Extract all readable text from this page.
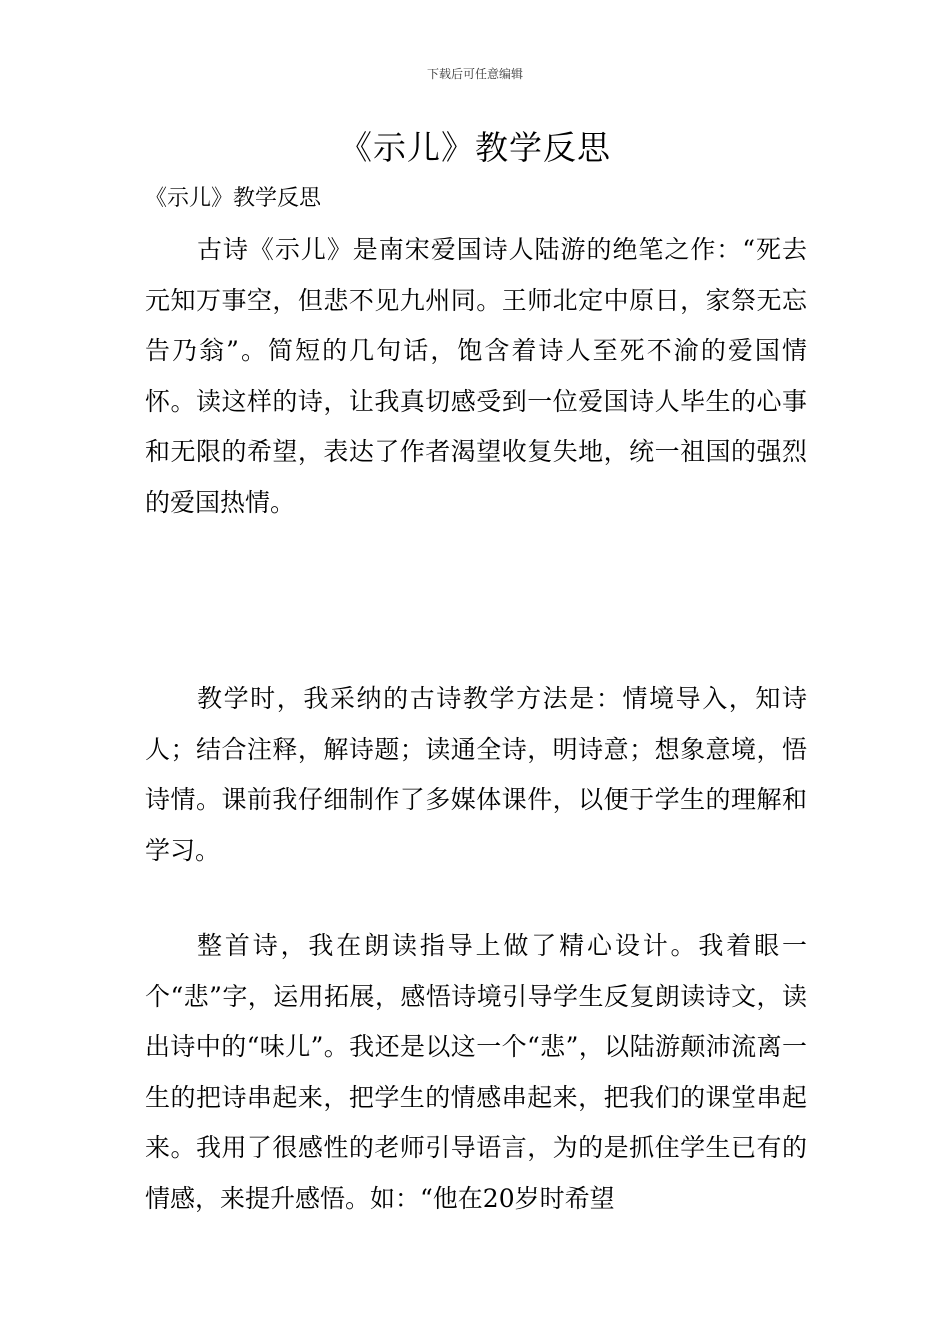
下载后可任意编辑
《示儿》教学反思
《示儿》教学反思

古诗《示儿》是南宋爱国诗人陆游的绝笔之作：“死去元知万事空，但悲不见九州同。王师北定中原日，家祭无忘告乃翁”。简短的几句话，饱含着诗人至死不渝的爱国情怀。读这样的诗，让我真切感受到一位爱国诗人毕生的心事和无限的希望，表达了作者渴望收复失地，统一祖国的强烈的爱国热情。

教学时，我采纳的古诗教学方法是：情境导入，知诗人；结合注释，解诗题；读通全诗，明诗意；想象意境，悟诗情。课前我仔细制作了多媒体课件，以便于学生的理解和学习。

整首诗，我在朗读指导上做了精心设计。我着眼一个“悲”字，运用拓展，感悟诗境引导学生反复朗读诗文，读出诗中的“味儿”。我还是以这一个“悲”，以陆游颠沛流离一生的把诗串起来，把学生的情感串起来，把我们的课堂串起来。我用了很感性的老师引导语言，为的是抓住学生已有的情感，来提升感悟。如：“他在20岁时希望
